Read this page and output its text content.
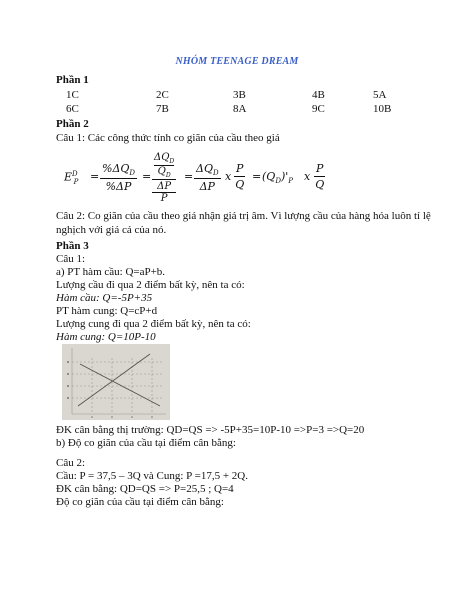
NHÓM TEENAGE DREAM
Phần 1
1C	2C	3B	4B	5A
6C	7B	8A	9C	10B
Phần 2
Câu 1: Các công thức tính co giãn của cầu theo giá
$E^D_P$ =
$\%\Delta Q_D$
%ΔP
=
$\Delta Q_D$
$Q_D$
ΔP
P
=
$\Delta Q_D$
ΔP
x $\frac{P}{Q} = (Q_D)'_P$ x $\frac{P}{Q}$
Câu 2: Co giãn của cầu theo giá nhận giá trị âm. Vì lượng cầu của hàng hóa luôn tỉ lệ
nghịch với giá cả của nó.
Phần 3
Câu 1:
a) PT hàm cầu: Q=aP+b.
Lượng cầu đi qua 2 điểm bất kỳ, nên ta có:
Hàm cầu: Q=-5P+35
PT hàm cung: Q=cP+d
Lượng cung đi qua 2 điểm bất kỳ, nên ta có:
Hàm cung: Q=10P-10
ĐK cân bằng thị trường: QD=QS => -5P+35=10P-10 =>P=3 =>Q=20
b) Độ co giãn của cầu tại điểm cân bằng:
Câu 2:
Cầu: P = 37,5 – 3Q và Cung: P =17,5 + 2Q.
ĐK cân bằng: QD=QS => P=25,5 ; Q=4
Độ co giãn của cầu tại điểm cân bằng:
